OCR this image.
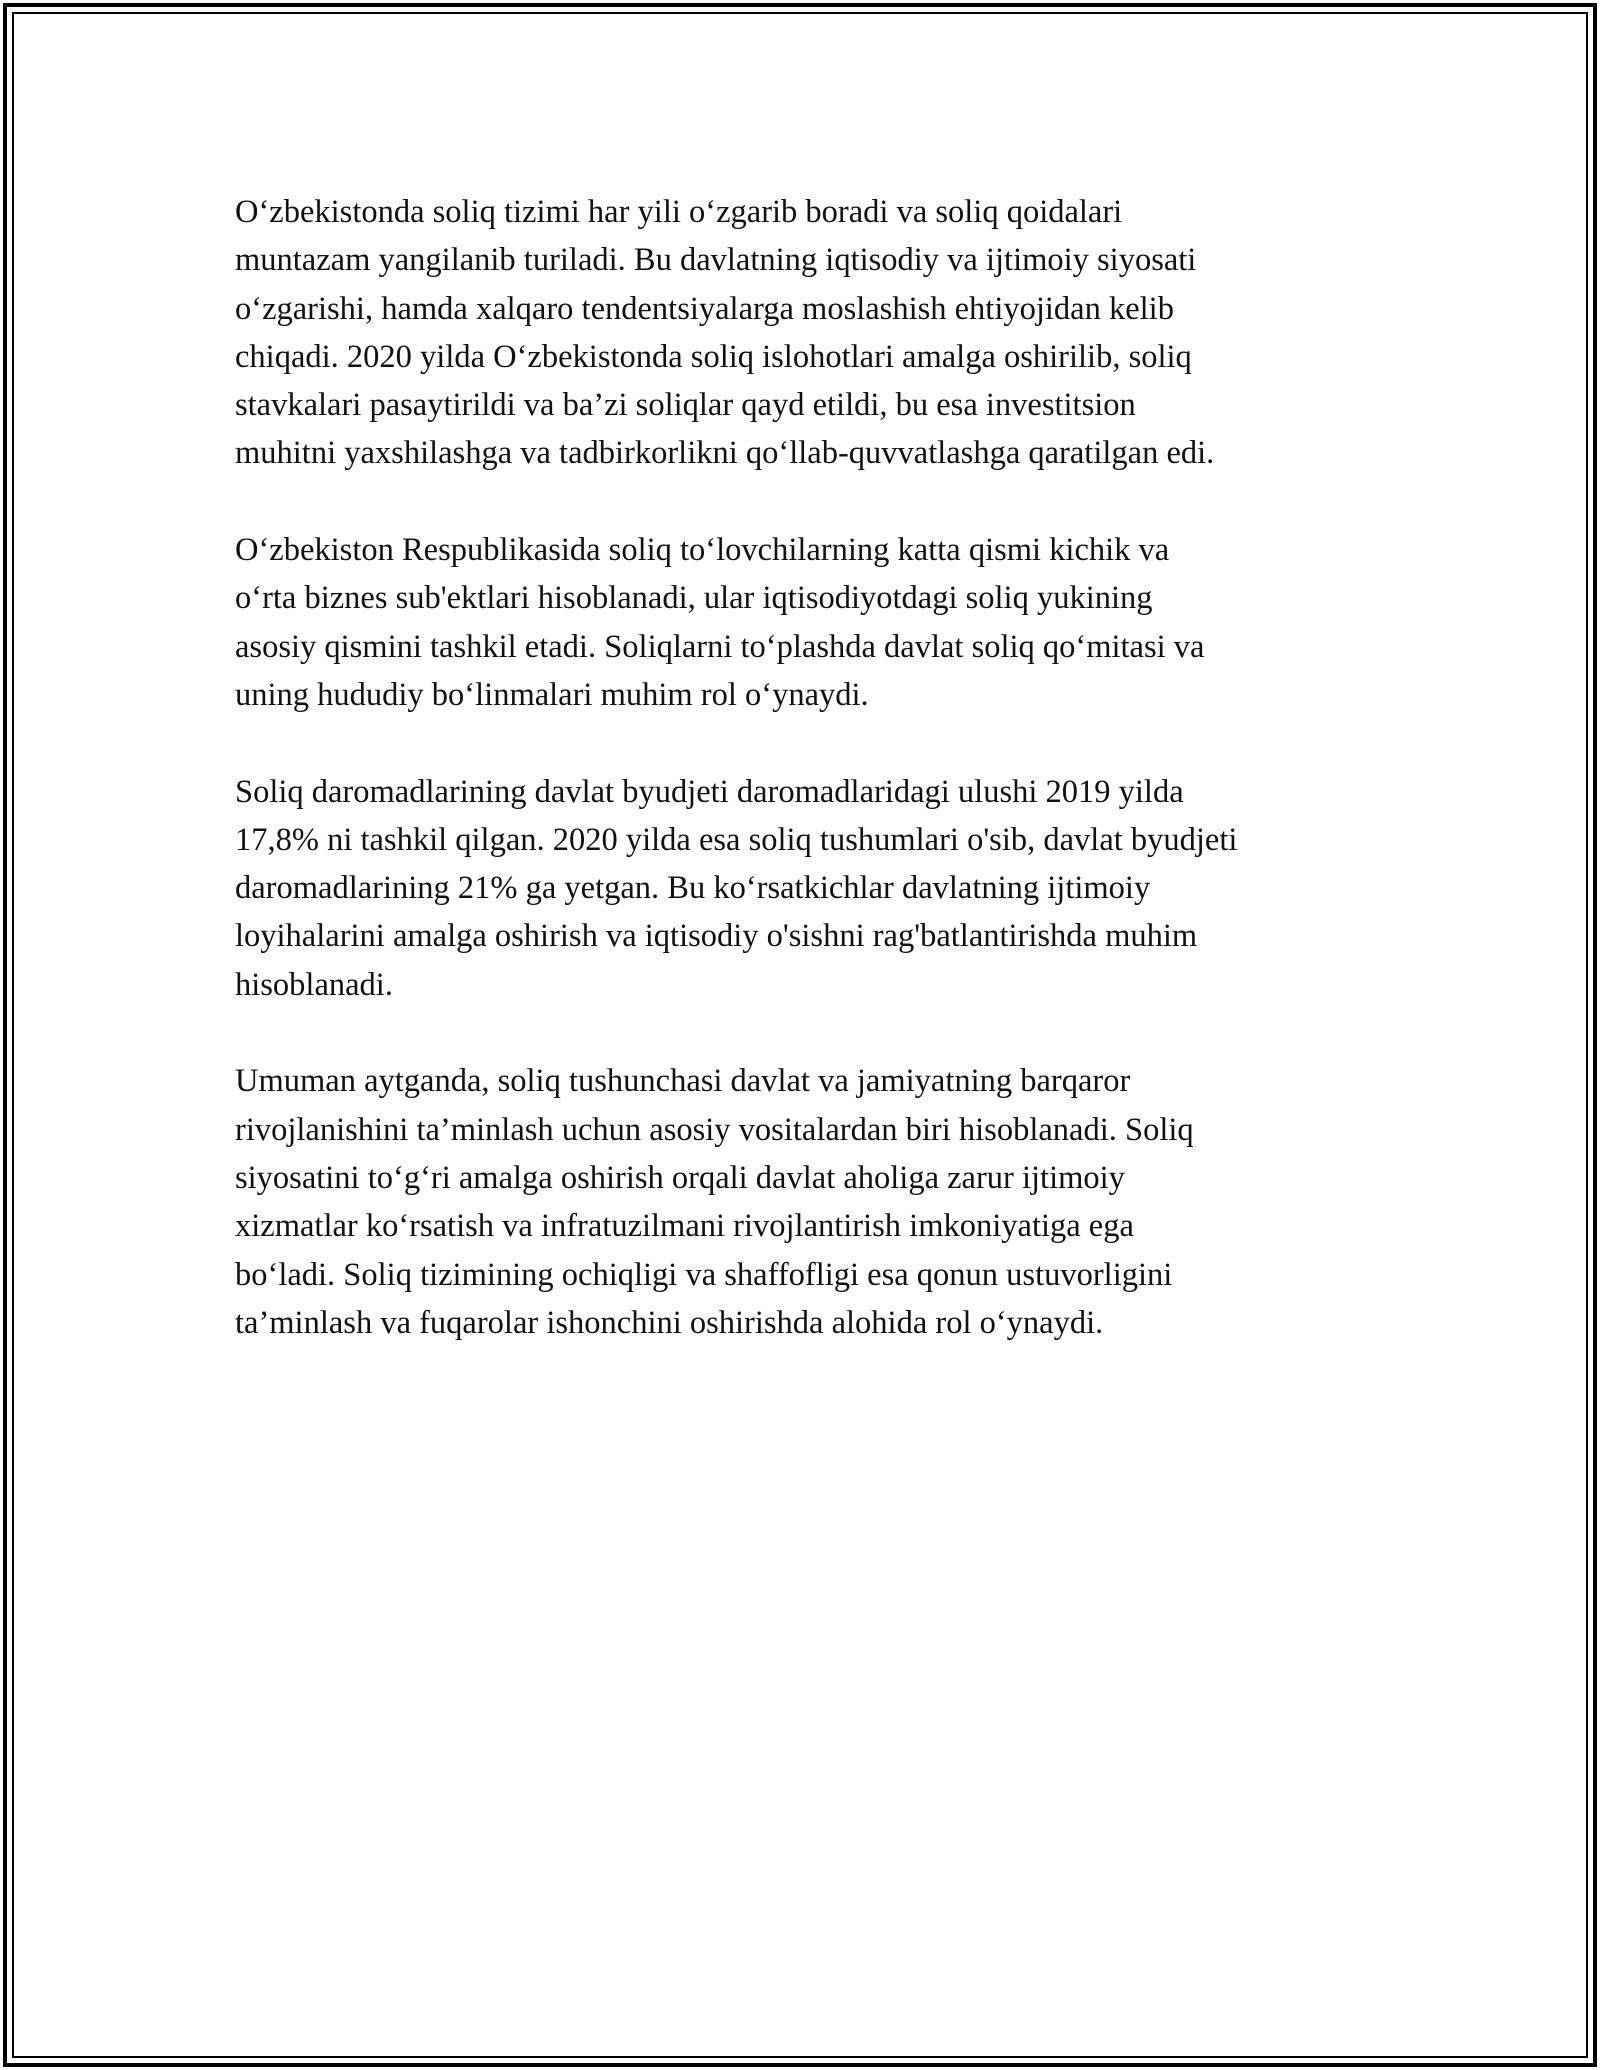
O‘zbekistonda soliq tizimi har yili o‘zgarib boradi va soliq qoidalari
muntazam yangilanib turiladi. Bu davlatning iqtisodiy va ijtimoiy siyosati
o‘zgarishi, hamda xalqaro tendentsiyalarga moslashish ehtiyojidan kelib
chiqadi. 2020 yilda O‘zbekistonda soliq islohotlari amalga oshirilib, soliq
stavkalari pasaytirildi va ba’zi soliqlar qayd etildi, bu esa investitsion
muhitni yaxshilashga va tadbirkorlikni qo‘llab-quvvatlashga qaratilgan edi.

O‘zbekiston Respublikasida soliq to‘lovchilarning katta qismi kichik va
o‘rta biznes sub'ektlari hisoblanadi, ular iqtisodiyotdagi soliq yukining
asosiy qismini tashkil etadi. Soliqlarni to‘plashda davlat soliq qo‘mitasi va
uning hududiy bo‘linmalari muhim rol o‘ynaydi.

Soliq daromadlarining davlat byudjeti daromadlaridagi ulushi 2019 yilda
17,8% ni tashkil qilgan. 2020 yilda esa soliq tushumlari o'sib, davlat byudjeti
daromadlarining 21% ga yetgan. Bu ko‘rsatkichlar davlatning ijtimoiy
loyihalarini amalga oshirish va iqtisodiy o'sishni rag'batlantirishda muhim
hisoblanadi.

Umuman aytganda, soliq tushunchasi davlat va jamiyatning barqaror
rivojlanishini ta’minlash uchun asosiy vositalardan biri hisoblanadi. Soliq
siyosatini to‘g‘ri amalga oshirish orqali davlat aholiga zarur ijtimoiy
xizmatlar ko‘rsatish va infratuzilmani rivojlantirish imkoniyatiga ega
bo‘ladi. Soliq tizimining ochiqligi va shaffofligi esa qonun ustuvorligini
ta’minlash va fuqarolar ishonchini oshirishda alohida rol o‘ynaydi.
